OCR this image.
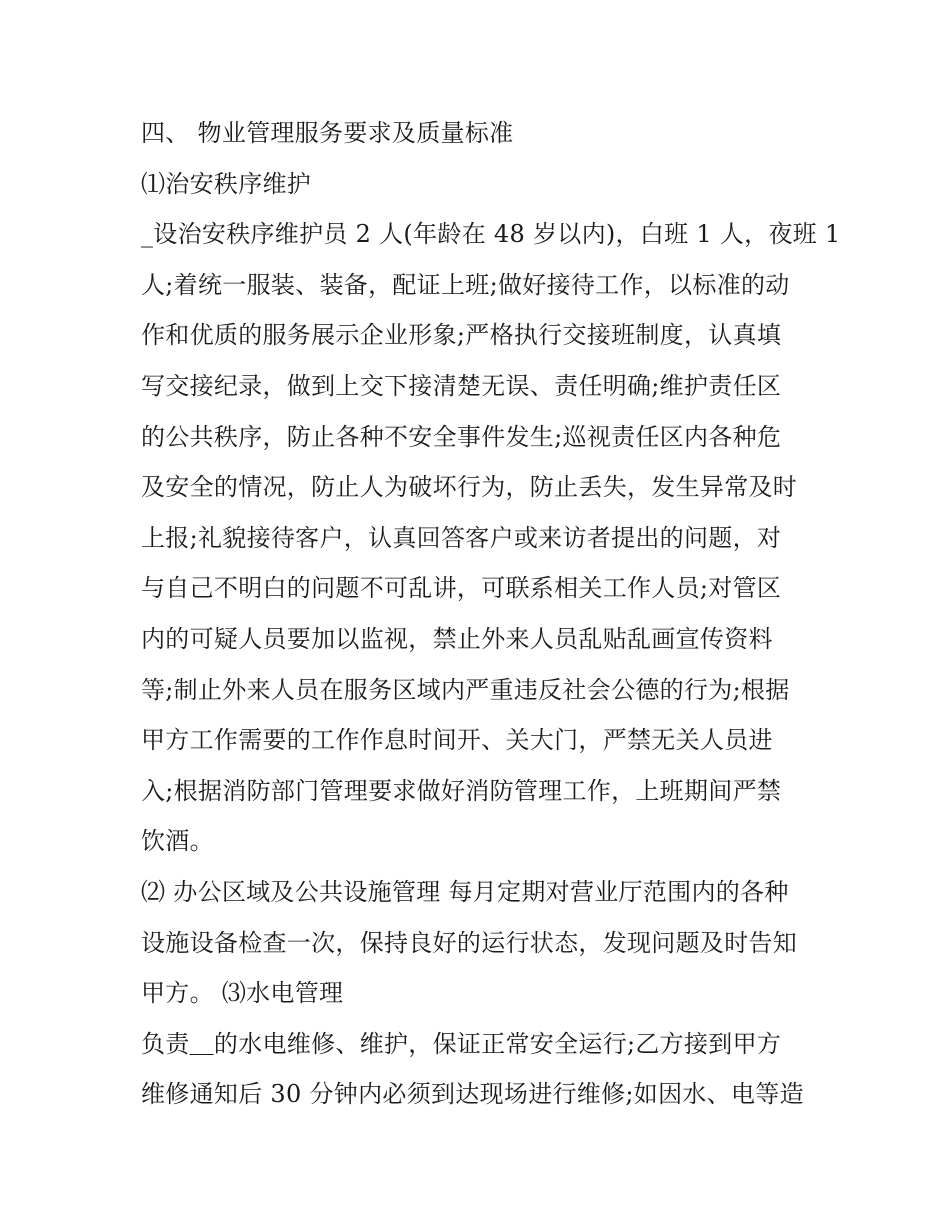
四、 物业管理服务要求及质量标准
⑴治安秩序维护
_设治安秩序维护员 2 人(年龄在 48 岁以内)，白班 1 人，夜班 1
人;着统一服装、装备，配证上班;做好接待工作，以标准的动
作和优质的服务展示企业形象;严格执行交接班制度，认真填
写交接纪录，做到上交下接清楚无误、责任明确;维护责任区
的公共秩序，防止各种不安全事件发生;巡视责任区内各种危
及安全的情况，防止人为破坏行为，防止丢失，发生异常及时
上报;礼貌接待客户，认真回答客户或来访者提出的问题，对
与自己不明白的问题不可乱讲，可联系相关工作人员;对管区
内的可疑人员要加以监视，禁止外来人员乱贴乱画宣传资料
等;制止外来人员在服务区域内严重违反社会公德的行为;根据
甲方工作需要的工作作息时间开、关大门，严禁无关人员进
入;根据消防部门管理要求做好消防管理工作，上班期间严禁
饮酒。
⑵ 办公区域及公共设施管理 每月定期对营业厅范围内的各种
设施设备检查一次，保持良好的运行状态，发现问题及时告知
甲方。 ⑶水电管理
负责＿的水电维修、维护，保证正常安全运行;乙方接到甲方
维修通知后 30 分钟内必须到达现场进行维修;如因水、电等造
